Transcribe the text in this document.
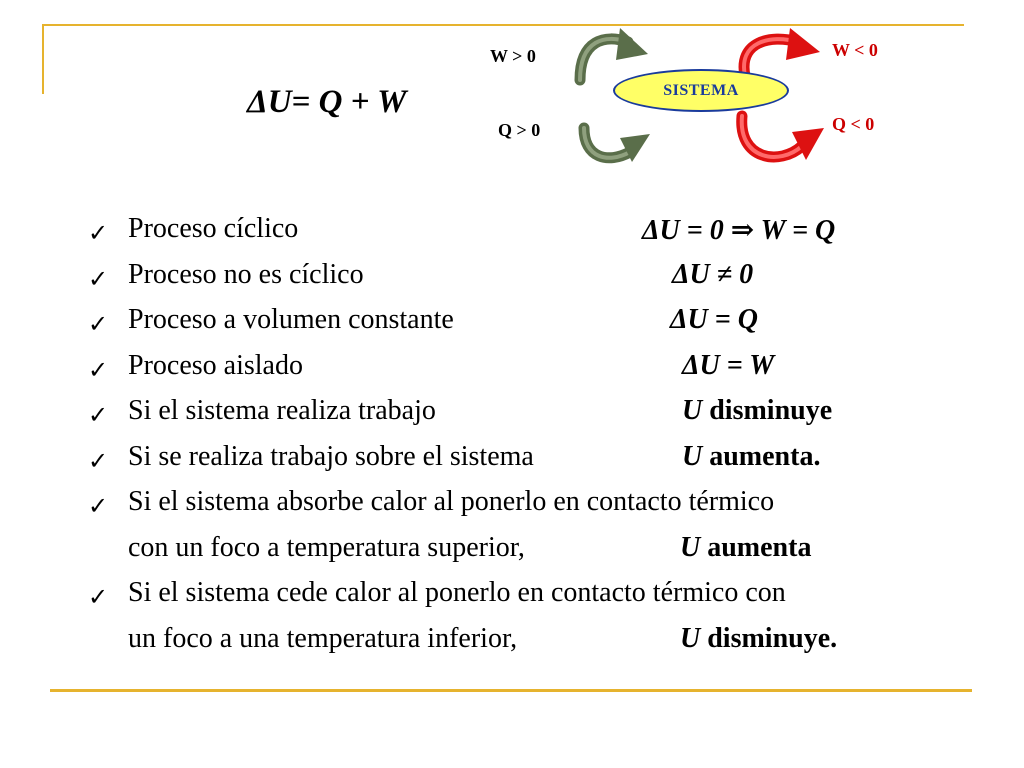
ΔU= Q + W
W > 0
Q > 0
W < 0
Q < 0
SISTEMA
✓ Proceso cíclico	ΔU = 0 ⇒ W = Q
✓ Proceso no es cíclico	ΔU ≠ 0
✓ Proceso a volumen constante	ΔU = Q
✓ Proceso aislado	ΔU = W
✓ Si el sistema realiza trabajo	U disminuye
✓ Si se realiza trabajo sobre el sistema	U aumenta.
✓ Si el sistema absorbe calor al ponerlo en contacto térmico
con un foco a temperatura superior,	U aumenta
✓ Si el sistema cede calor al ponerlo en contacto térmico con
un foco a una temperatura inferior,	U disminuye.
